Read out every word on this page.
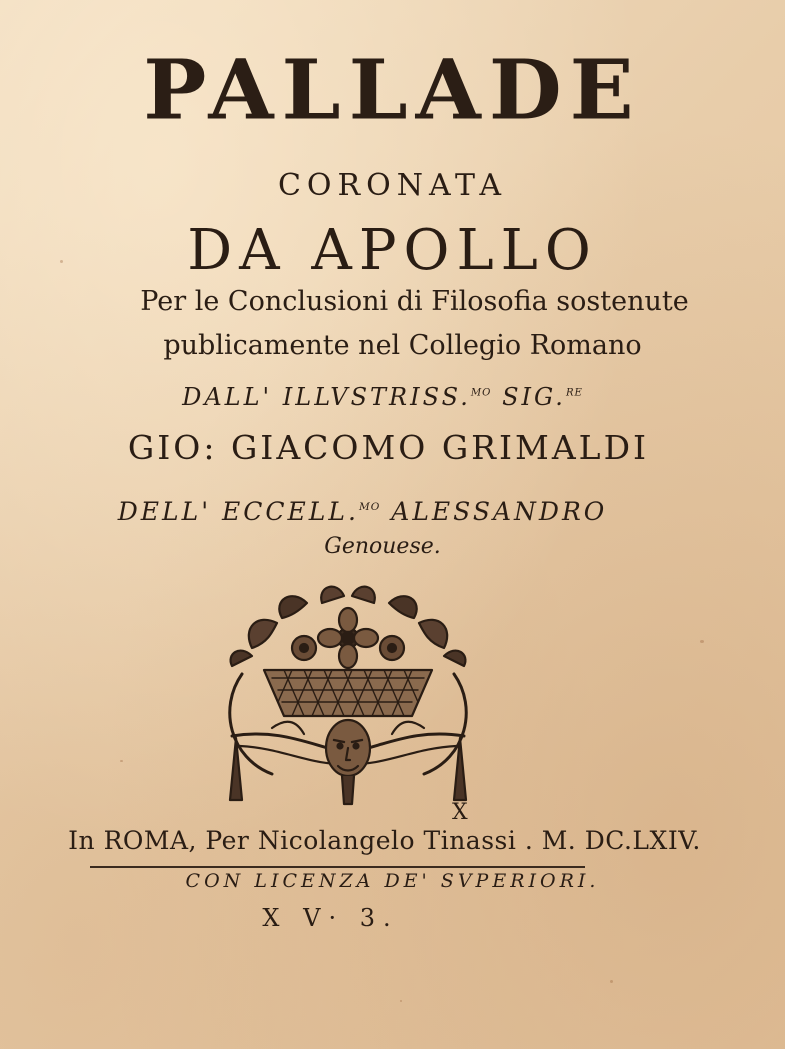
PALLADE
CORONATA
DA APOLLO
Per le Conclusioni di Filosofia sostenute
publicamente nel Collegio Romano
DALL' ILLVSTRISS.$^{MO}$ SIG.$^{RE}$
GIO: GIACOMO GRIMALDI
DELL' ECCELL.$^{MO}$ ALESSANDRO
Genouese.
X
In ROMA, Per Nicolangelo Tinassi . M. DC.LXIV.
CON LICENZA DE' SVPERIORI.
X V· 3.
